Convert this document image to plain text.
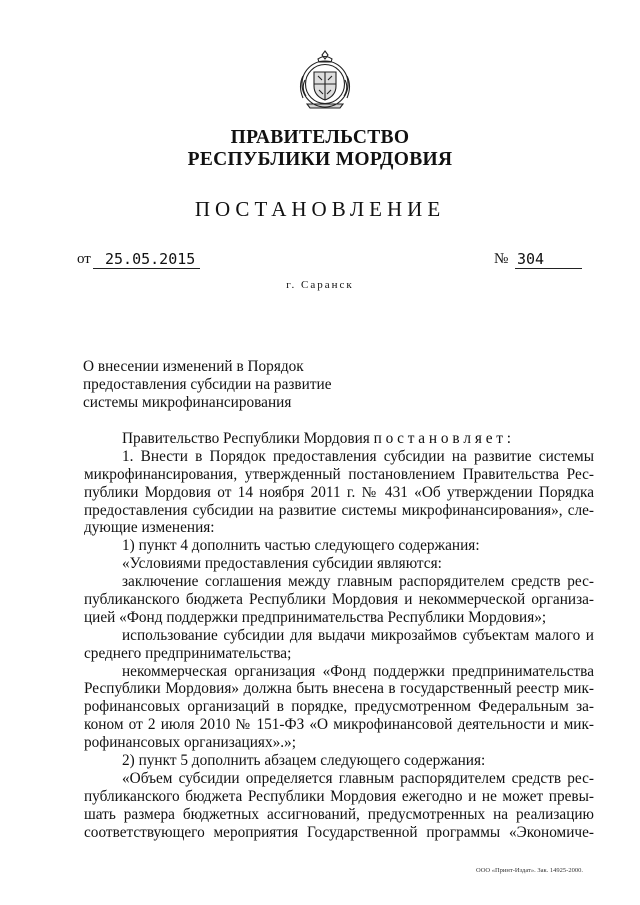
ПРАВИТЕЛЬСТВО
РЕСПУБЛИКИ МОРДОВИЯ
ПОСТАНОВЛЕНИЕ
от 25.05.2015	№ 304
г. Саранск
О внесении изменений в Порядок
предоставления субсидии на развитие
системы микрофинансирования
Правительство Республики Мордовия п о с т а н о в л я е т :
1. Внести в Порядок предоставления субсидии на развитие системы
микрофинансирования, утвержденный постановлением Правительства Рес-
публики Мордовия от 14 ноября 2011 г. № 431 «Об утверждении Порядка
предоставления субсидии на развитие системы микрофинансирования», сле-
дующие изменения:
1) пункт 4 дополнить частью следующего содержания:
«Условиями предоставления субсидии являются:
заключение соглашения между главным распорядителем средств рес-
публиканского бюджета Республики Мордовия и некоммерческой организа-
цией «Фонд поддержки предпринимательства Республики Мордовия»;
использование субсидии для выдачи микрозаймов субъектам малого и
среднего предпринимательства;
некоммерческая организация «Фонд поддержки предпринимательства
Республики Мордовия» должна быть внесена в государственный реестр мик-
рофинансовых организаций в порядке, предусмотренном Федеральным за-
коном от 2 июля 2010 № 151-ФЗ «О микрофинансовой деятельности и мик-
рофинансовых организациях».»;
2) пункт 5 дополнить абзацем следующего содержания:
«Объем субсидии определяется главным распорядителем средств рес-
публиканского бюджета Республики Мордовия ежегодно и не может превы-
шать размера бюджетных ассигнований, предусмотренных на реализацию
соответствующего мероприятия Государственной программы «Экономиче-
ООО «Принт-Издат». Зак. 14925-2000.
